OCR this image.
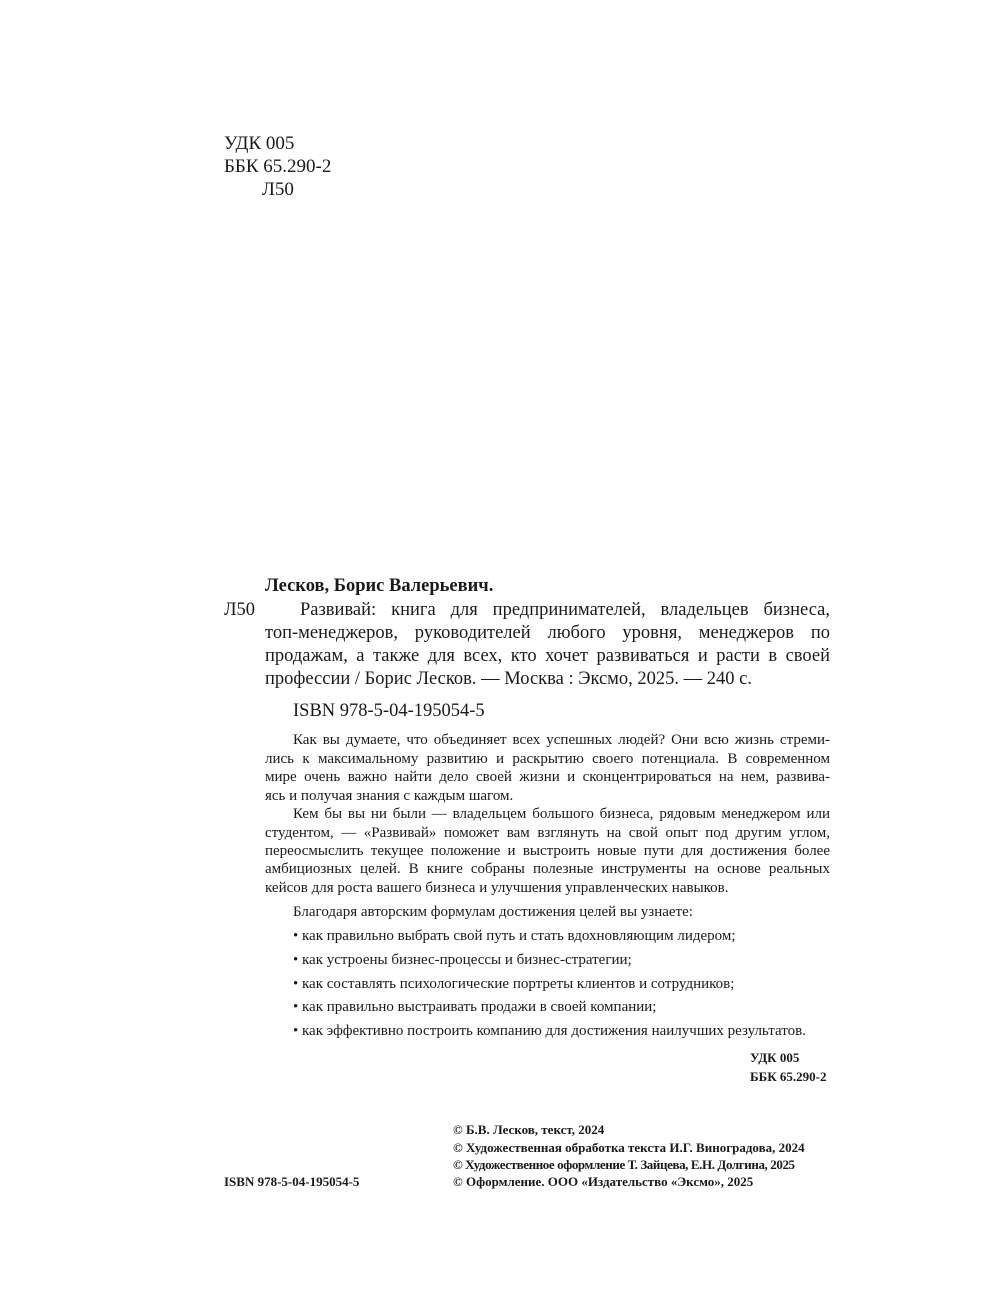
УДК 005
ББК 65.290-2
Л50
Лесков, Борис Валерьевич.
Л50 Развивай: книга для предпринимателей, владельцев бизнеса,
топ-менеджеров, руководителей любого уровня, менеджеров по
продажам, а также для всех, кто хочет развиваться и расти в своей
профессии / Борис Лесков. — Москва : Эксмо, 2025. — 240 с.
ISBN 978-5-04-195054-5
Как вы думаете, что объединяет всех успешных людей? Они всю жизнь стреми-
лись к максимальному развитию и раскрытию своего потенциала. В современном
мире очень важно найти дело своей жизни и сконцентрироваться на нем, развива-
ясь и получая знания с каждым шагом.
Кем бы вы ни были — владельцем большого бизнеса, рядовым менеджером или
студентом, — «Развивай» поможет вам взглянуть на свой опыт под другим углом,
переосмыслить текущее положение и выстроить новые пути для достижения более
амбициозных целей. В книге собраны полезные инструменты на основе реальных
кейсов для роста вашего бизнеса и улучшения управленческих навыков.
Благодаря авторским формулам достижения целей вы узнаете:
• как правильно выбрать свой путь и стать вдохновляющим лидером;
• как устроены бизнес-процессы и бизнес-стратегии;
• как составлять психологические портреты клиентов и сотрудников;
• как правильно выстраивать продажи в своей компании;
• как эффективно построить компанию для достижения наилучших результатов.
УДК 005
ББК 65.290-2
© Б.В. Лесков, текст, 2024
© Художественная обработка текста И.Г. Виноградова, 2024
© Художественное оформление Т. Зайцева, Е.Н. Долгина, 2025
© Оформление. ООО «Издательство «Эксмо», 2025
ISBN 978-5-04-195054-5
